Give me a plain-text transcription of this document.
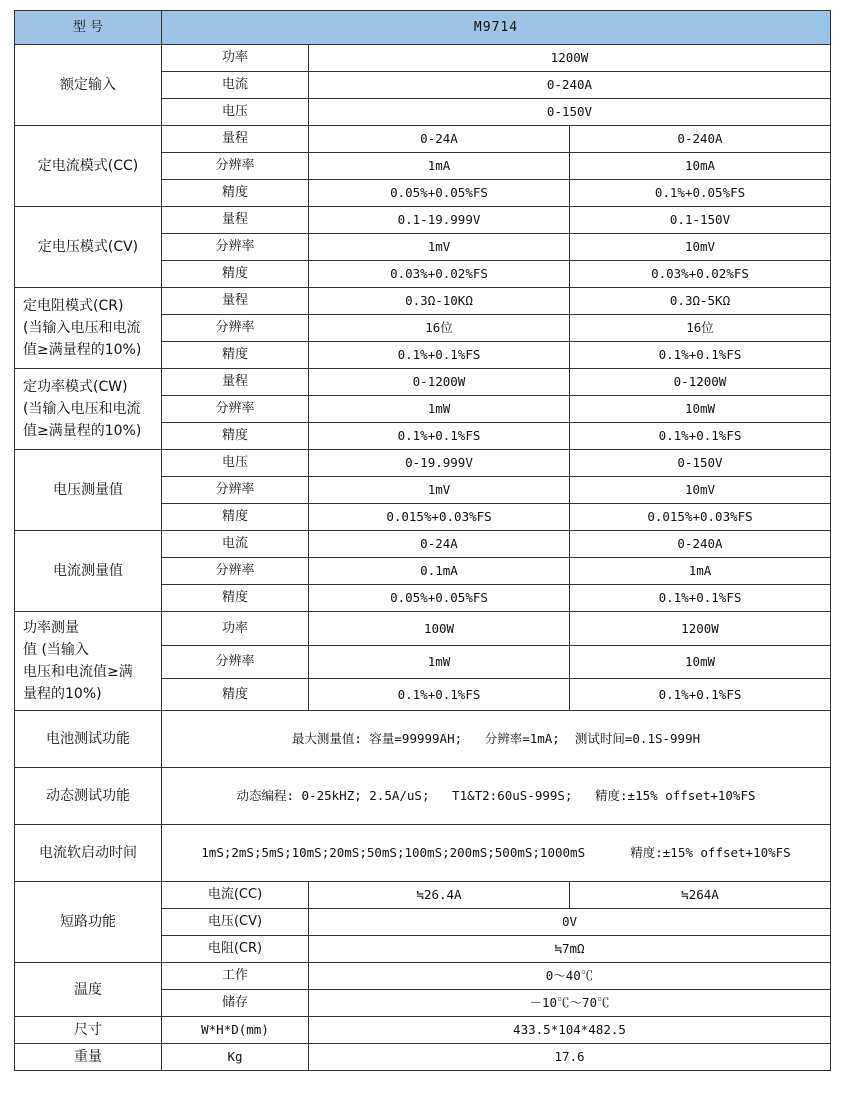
型 号	M9714		
额定输入	功率	1200W	
	电流	0-240A	
	电压	0-150V	
定电流模式(CC)	量程	0-24A	0-240A
	分辨率	1mA	10mA
	精度	0.05%+0.05%FS	0.1%+0.05%FS
定电压模式(CV)	量程	0.1-19.999V	0.1-150V
	分辨率	1mV	10mV
	精度	0.03%+0.02%FS	0.03%+0.02%FS

定电阻模式(CR)
(当输入电压和电流
值≥满量程的10%)	量程	0.3Ω-10KΩ	0.3Ω-5KΩ
	分辨率	16位	16位
	精度	0.1%+0.1%FS	0.1%+0.1%FS

定功率模式(CW)
(当输入电压和电流
值≥满量程的10%)	量程	0-1200W	0-1200W
	分辨率	1mW	10mW
	精度	0.1%+0.1%FS	0.1%+0.1%FS
电压测量值	电压	0-19.999V	0-150V
	分辨率	1mV	10mV
	精度	0.015%+0.03%FS	0.015%+0.03%FS
电流测量值	电流	0-24A	0-240A
	分辨率	0.1mA	1mA
	精度	0.05%+0.05%FS	0.1%+0.1%FS

功率测量
值 (当输入
电压和电流值≥满
量程的10%)	功率	100W	1200W
	分辨率	1mW	10mW
	精度	0.1%+0.1%FS	0.1%+0.1%FS
电池测试功能	最大测量值: 容量=99999AH;   分辨率=1mA;  测试时间=0.1S-999H		
动态测试功能	动态编程: 0-25kHZ; 2.5A/uS;   T1&T2:60uS-999S;   精度:±15% offset+10%FS		
电流软启动时间	1mS;2mS;5mS;10mS;20mS;50mS;100mS;200mS;500mS;1000mS      精度:±15% offset+10%FS		
短路功能	电流(CC)	≒26.4A	≒264A
	电压(CV)	0V	
	电阻(CR)	≒7mΩ	
温度	工作	0～40℃	
	储存	－10℃～70℃	
尺寸	W*H*D(mm)	433.5*104*482.5	
重量	Kg	17.6	
